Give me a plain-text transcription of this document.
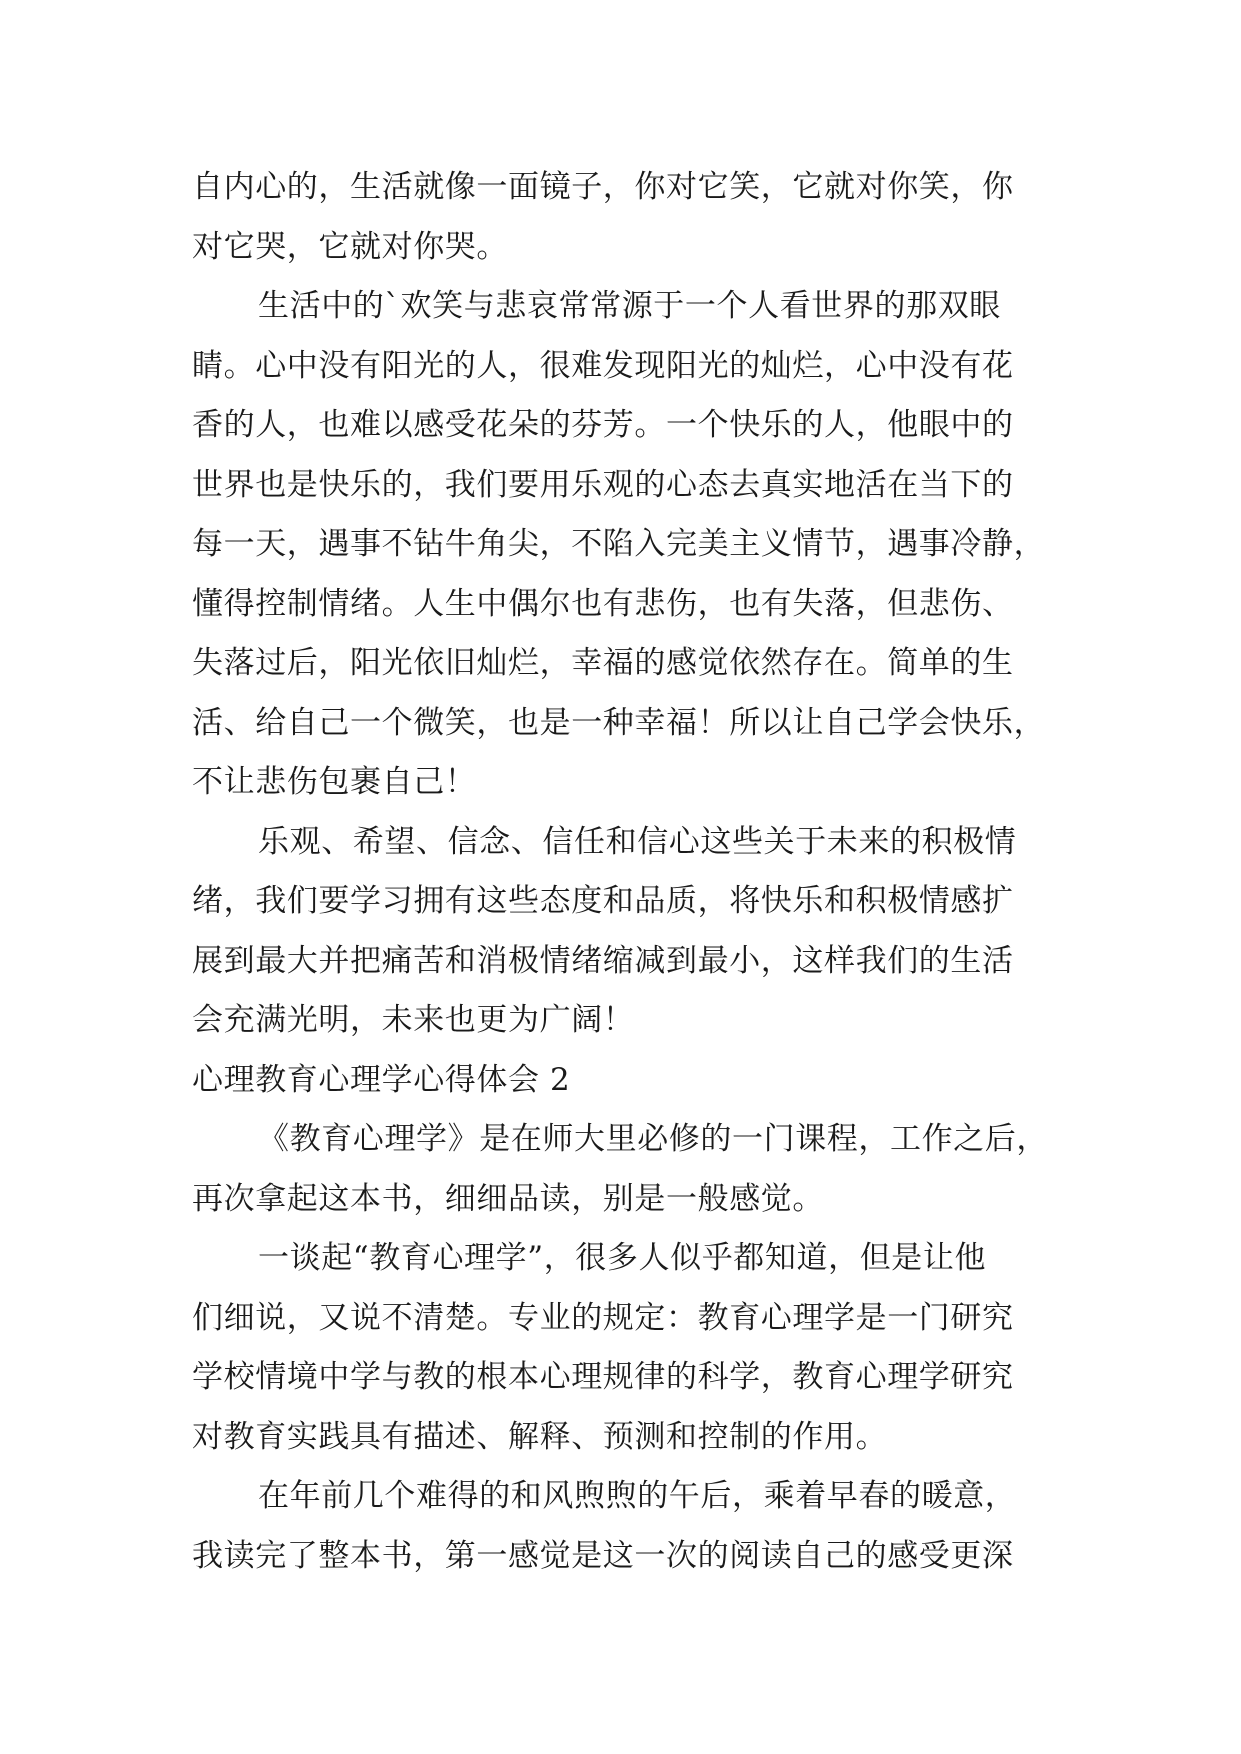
自内心的，生活就像一面镜子，你对它笑，它就对你笑，你
对它哭，它就对你哭。
生活中的`欢笑与悲哀常常源于一个人看世界的那双眼
睛。心中没有阳光的人，很难发现阳光的灿烂，心中没有花
香的人，也难以感受花朵的芬芳。一个快乐的人，他眼中的
世界也是快乐的，我们要用乐观的心态去真实地活在当下的
每一天，遇事不钻牛角尖，不陷入完美主义情节，遇事冷静，
懂得控制情绪。人生中偶尔也有悲伤，也有失落，但悲伤、
失落过后，阳光依旧灿烂，幸福的感觉依然存在。简单的生
活、给自己一个微笑，也是一种幸福！所以让自己学会快乐，
不让悲伤包裹自己！
乐观、希望、信念、信任和信心这些关于未来的积极情
绪，我们要学习拥有这些态度和品质，将快乐和积极情感扩
展到最大并把痛苦和消极情绪缩减到最小，这样我们的生活
会充满光明，未来也更为广阔！
心理教育心理学心得体会 2
《教育心理学》是在师大里必修的一门课程，工作之后，
再次拿起这本书，细细品读，别是一般感觉。
一谈起“教育心理学”，很多人似乎都知道，但是让他
们细说，又说不清楚。专业的规定：教育心理学是一门研究
学校情境中学与教的根本心理规律的科学，教育心理学研究
对教育实践具有描述、解释、预测和控制的作用。
在年前几个难得的和风煦煦的午后，乘着早春的暖意，
我读完了整本书，第一感觉是这一次的阅读自己的感受更深
